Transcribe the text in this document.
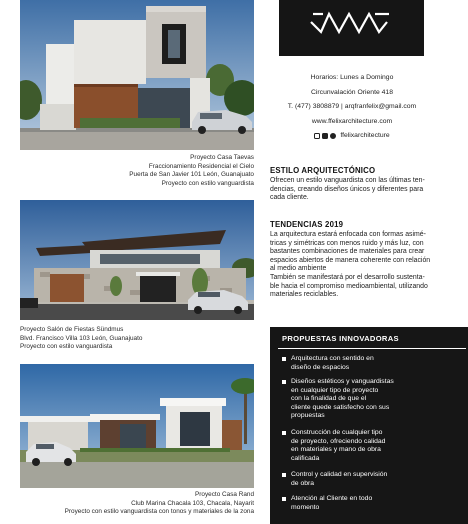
Proyecto Casa Taevas
Fraccionamiento Residencial el Cielo
Puerta de San Javier 101 León, Guanajuato
Proyecto con estilo vanguardista
Proyecto Salón de Fiestas Sündmus
Blvd. Francisco Villa 103 León, Guanajuato
Proyecto con estilo vanguardista
Proyecto Casa Rand
Club Marina Chacala 103, Chacala, Nayarit
Proyecto con estilo vanguardista con tonos y materiales de la zona
Horarios: Lunes a Domingo
Circunvalación Oriente 418
T. (477) 3808879 | arqfranfelix@gmail.com
www.ffelixarchitecture.com
ffelixarchitecture
ESTILO ARQUITECTÓNICO
Ofrecen un estilo vanguardista con las últimas ten-
dencias, creando diseños únicos y diferentes para
cada cliente.
TENDENCIAS 2019
La arquitectura estará enfocada con formas asimé-
tricas y simétricas con menos ruido y más luz, con
bastantes combinaciones de materiales para crear
espacios abiertos de manera coherente con relación
al medio ambiente
También se manifestará por el desarrollo sustenta-
ble hacia el compromiso medioambiental, utilizando
materiales reciclables.
PROPUESTAS INNOVADORAS
Arquitectura con sentido en
diseño de espacios
Diseños estéticos y vanguardistas
en cualquier tipo de proyecto
con la finalidad de que el
cliente quede satisfecho con sus
propuestas
Construcción de cualquier tipo
de proyecto, ofreciendo calidad
en materiales y mano de obra
calificada
Control y calidad en supervisión
de obra
Atención al Cliente en todo
momento
